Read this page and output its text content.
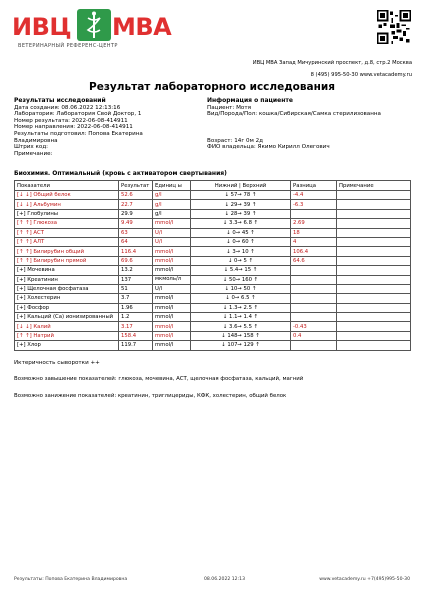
ИВЦ МВА
ВЕТЕРИНАРНЫЙ РЕФЕРЕНС-ЦЕНТР
ИВЦ МВА Запад Мичуринский проспект, д.8, стр.2 Москва
8 (495) 995-50-30 www.vetacademy.ru
Результат лабораторного исследования
Результаты исследований
Дата создания: 08.06.2022 12:13:16
Лаборатория: Лаборатория Свой Доктор, 1
Номер результата: 2022-06-08-414911
Номер направления: 2022-06-08-414911
Результаты подготовил: Попова Екатерина
Владимировна
Штрих код:
Примечание:
Информация о пациенте
Пациент: Мотя
Вид/Порода/Пол: кошка/Сибирская/Самка стерилизованна

Возраст: 14г 0м 2д
ФИО владельца: Якимо Кирилл Олегович
Биохимия. Оптимальный (кровь с активатором свертывания)
Показатели	Результат	Единиц ы	Нижний | Верхний	Разница	Примечание
[↓ ↓] Общий белок	52.6	g/l	↓ 57→ 78 ↑	-4.4	
[↓ ↓] Альбумин	22.7	g/l	↓ 29→ 39 ↑	-6.3	
[+] Глобулины	29.9	g/l	↓ 28→ 39 ↑		
[↑ ↑] Глюкоза	9.49	mmol/l	↓ 3.3→ 6.8 ↑	2.69	
[↑ ↑] АСТ	63	U/l	↓ 0→ 45 ↑	18	
[↑ ↑] АЛТ	64	U/l	↓ 0→ 60 ↑	4	
[↑ ↑] Билирубин общий	116.4	mmol/l	↓ 3→ 10 ↑	106.4	
[↑ ↑] Билирубин прямой	69.6	mmol/l	↓ 0→ 5 ↑	64.6	
[+] Мочевина	13.2	mmol/l	↓ 5.4→ 15 ↑		
[+] Креатинин	137	мкмоль/л	↓ 50→ 160 ↑		
[+] Щелочная фосфатаза	51	U/l	↓ 10→ 50 ↑		
[+] Холестерин	3.7	mmol/l	↓ 0→ 6.5 ↑		
[+] Фосфор	1.96	mmol/l	↓ 1.3→ 2.5 ↑		
[+] Кальций (Са) ионизированный	1.2	mmol/l	↓ 1.1→ 1.4 ↑		
[↓ ↓] Калий	3.17	mmol/l	↓ 3.6→ 5.5 ↑	-0.43	
[↑ ↑] Натрий	158.4	mmol/l	↓ 148→ 158 ↑	0.4	
[+] Хлор	119.7	mmol/l	↓ 107→ 129 ↑		
Иктеричность сыворотки ++
Возможно завышение показателей: глюкоза, мочевина, АСТ, щелочная фосфатаза, кальций, магний
Возможно занижение показателей: креатинин, триглицериды, КФК, холестерин, общий белок
Результаты: Попова Екатерина Владимировна	08.06.2022 12:13	www.vetacademy.ru +7(495)995-50-30
